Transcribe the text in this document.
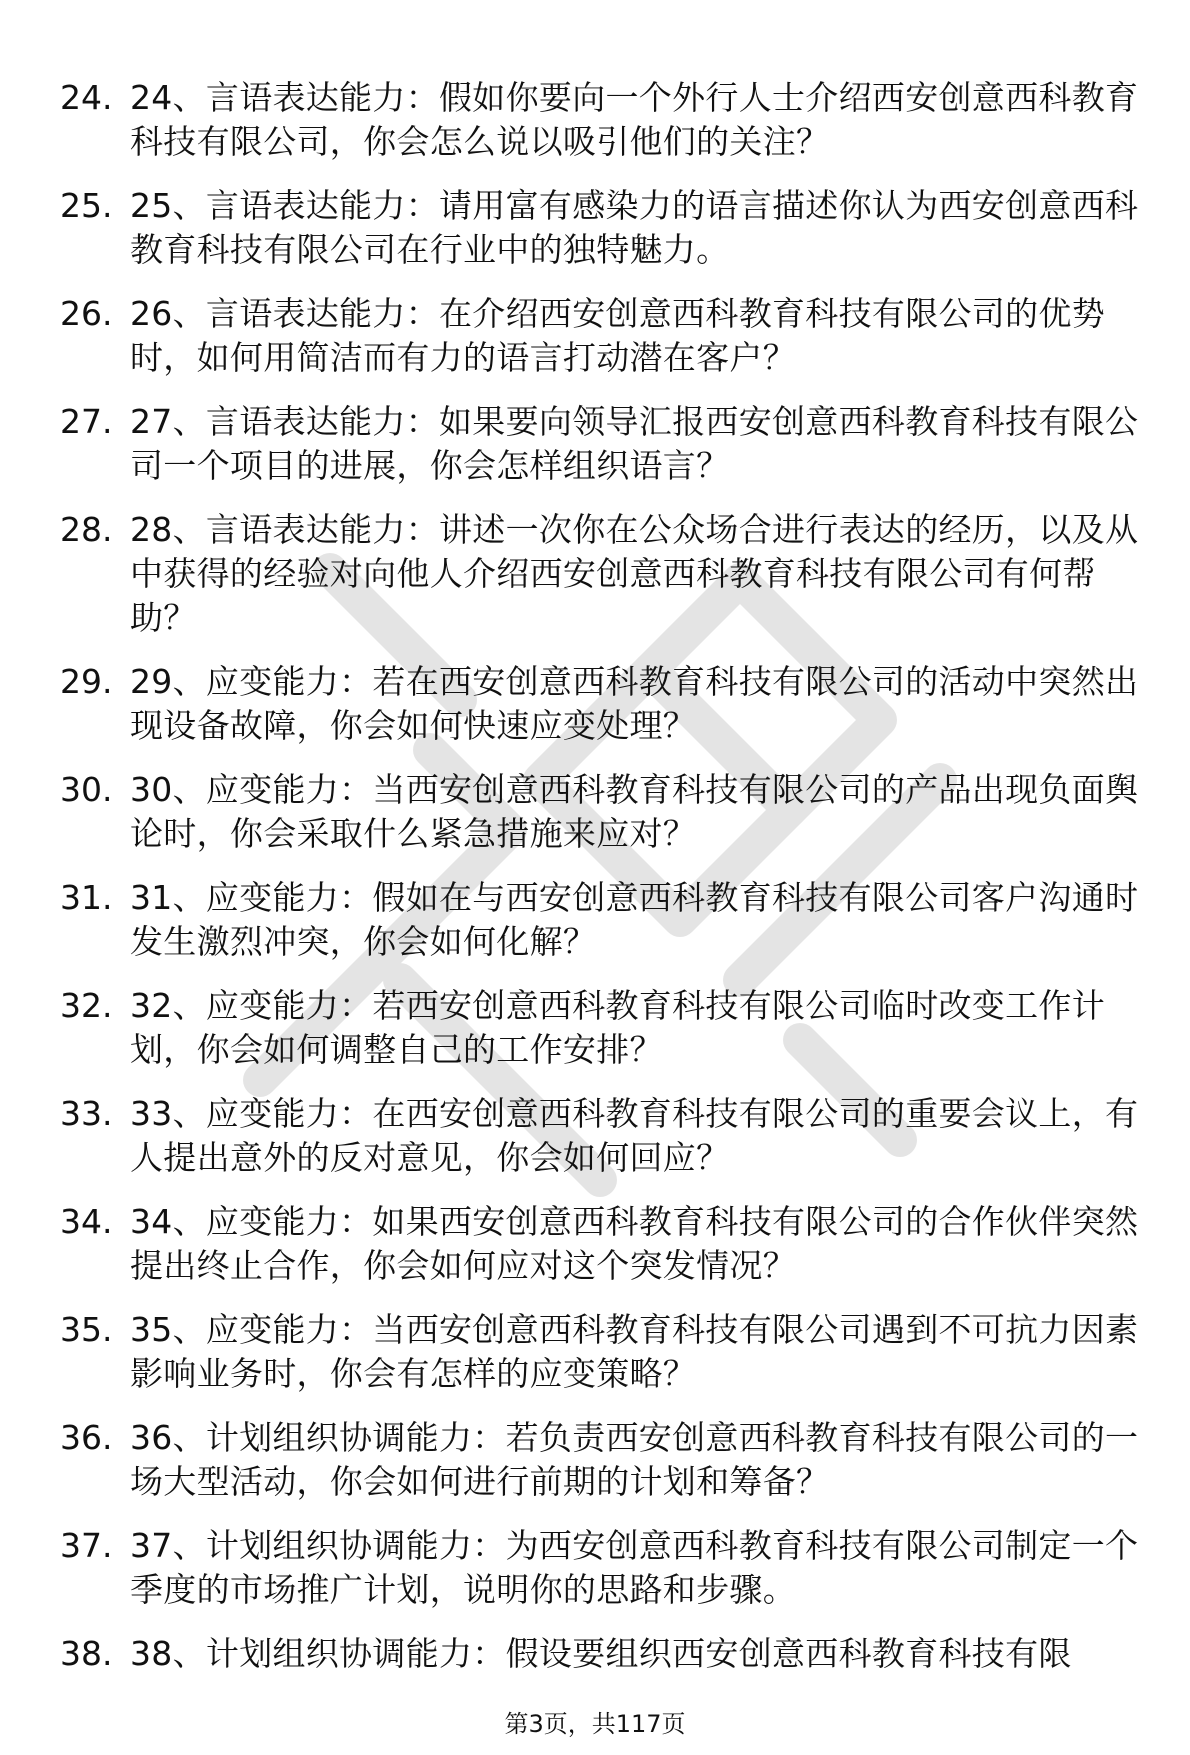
24. 24、言语表达能力：假如你要向一个外行人士介绍西安创意西科教育科技有限公司，你会怎么说以吸引他们的关注？
25. 25、言语表达能力：请用富有感染力的语言描述你认为西安创意西科教育科技有限公司在行业中的独特魅力。
26. 26、言语表达能力：在介绍西安创意西科教育科技有限公司的优势时，如何用简洁而有力的语言打动潜在客户？
27. 27、言语表达能力：如果要向领导汇报西安创意西科教育科技有限公司一个项目的进展，你会怎样组织语言？
28. 28、言语表达能力：讲述一次你在公众场合进行表达的经历，以及从中获得的经验对向他人介绍西安创意西科教育科技有限公司有何帮助？
29. 29、应变能力：若在西安创意西科教育科技有限公司的活动中突然出现设备故障，你会如何快速应变处理？
30. 30、应变能力：当西安创意西科教育科技有限公司的产品出现负面舆论时，你会采取什么紧急措施来应对？
31. 31、应变能力：假如在与西安创意西科教育科技有限公司客户沟通时发生激烈冲突，你会如何化解？
32. 32、应变能力：若西安创意西科教育科技有限公司临时改变工作计划，你会如何调整自己的工作安排？
33. 33、应变能力：在西安创意西科教育科技有限公司的重要会议上，有人提出意外的反对意见，你会如何回应？
34. 34、应变能力：如果西安创意西科教育科技有限公司的合作伙伴突然提出终止合作，你会如何应对这个突发情况？
35. 35、应变能力：当西安创意西科教育科技有限公司遇到不可抗力因素影响业务时，你会有怎样的应变策略？
36. 36、计划组织协调能力：若负责西安创意西科教育科技有限公司的一场大型活动，你会如何进行前期的计划和筹备？
37. 37、计划组织协调能力：为西安创意西科教育科技有限公司制定一个季度的市场推广计划，说明你的思路和步骤。
38. 38、计划组织协调能力：假设要组织西安创意西科教育科技有限
第3页，共117页
